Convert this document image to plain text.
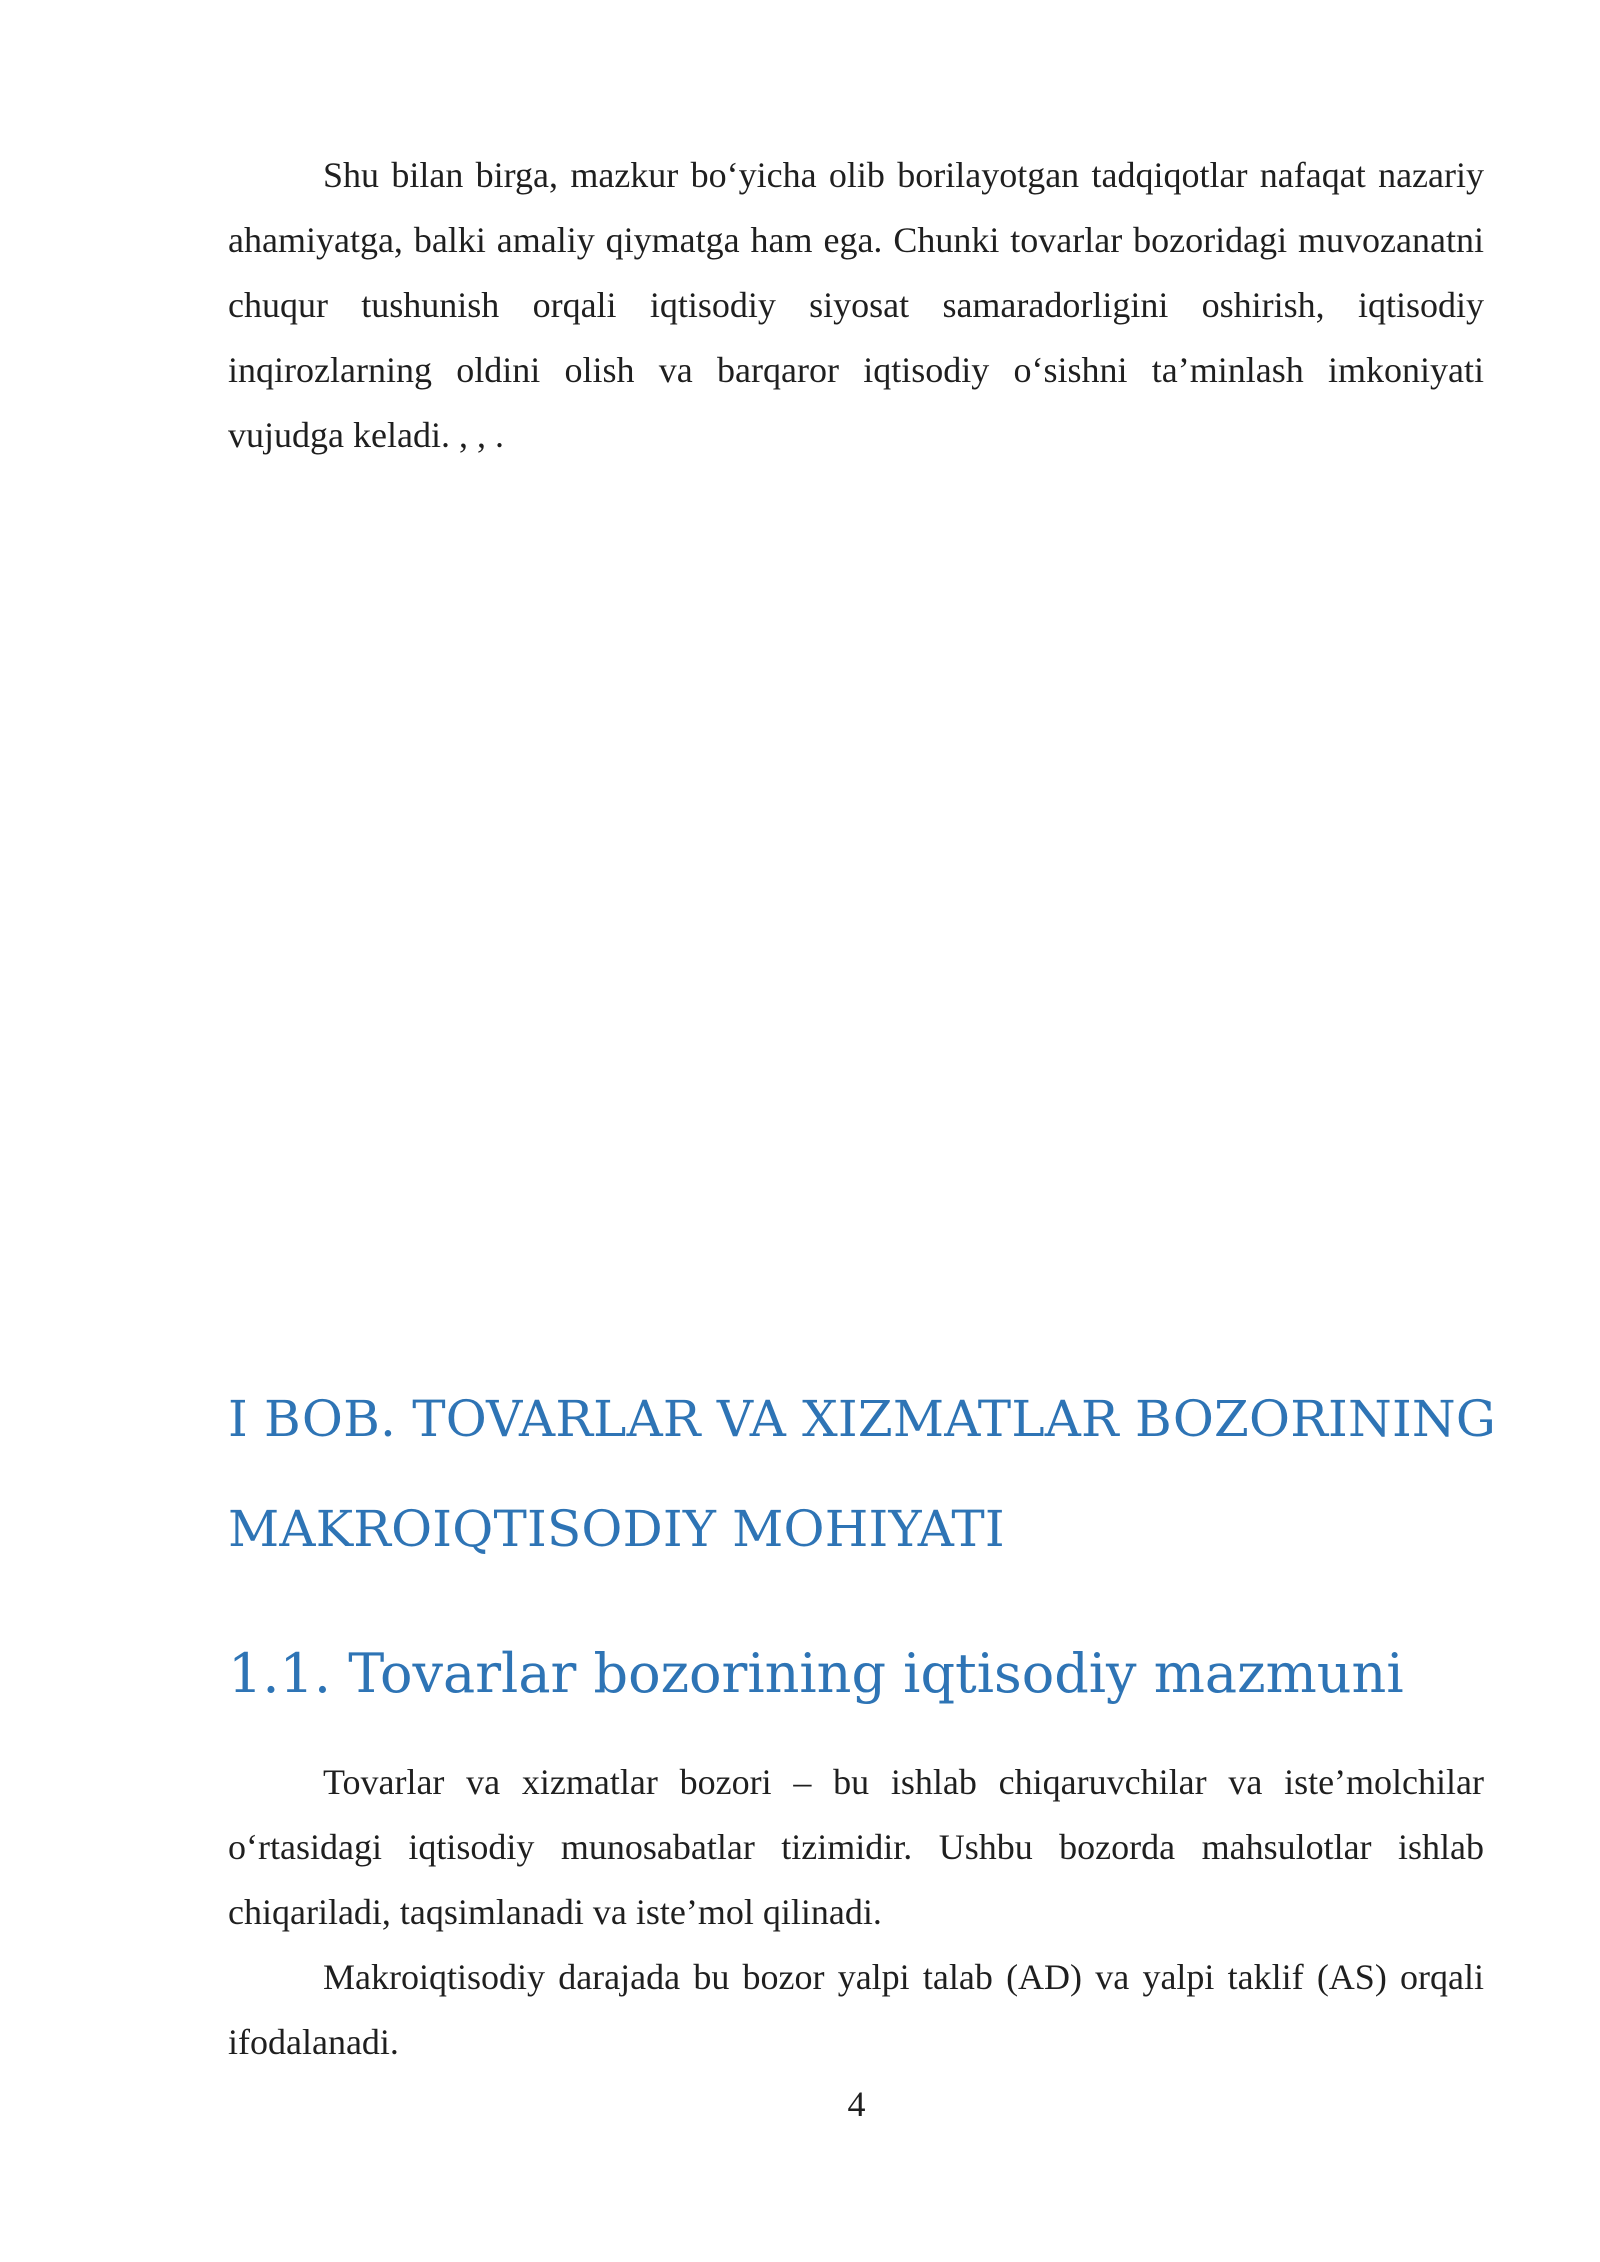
Shu bilan birga, mazkur bo‘yicha olib borilayotgan tadqiqotlar nafaqat nazariy ahamiyatga, balki amaliy qiymatga ham ega. Chunki tovarlar bozoridagi muvozanatni chuqur tushunish orqali iqtisodiy siyosat samaradorligini oshirish, iqtisodiy inqirozlarning oldini olish va barqaror iqtisodiy o‘sishni ta’minlash imkoniyati vujudga keladi. , , .

I BOB. TOVARLAR VA XIZMATLAR BOZORINING
MAKROIQTISODIY MOHIYATI
1.1. Tovarlar bozorining iqtisodiy mazmuni

Tovarlar va xizmatlar bozori – bu ishlab chiqaruvchilar va iste’molchilar o‘rtasidagi iqtisodiy munosabatlar tizimidir. Ushbu bozorda mahsulotlar ishlab chiqariladi, taqsimlanadi va iste’mol qilinadi.

Makroiqtisodiy darajada bu bozor yalpi talab (AD) va yalpi taklif (AS) orqali ifodalanadi.

4
